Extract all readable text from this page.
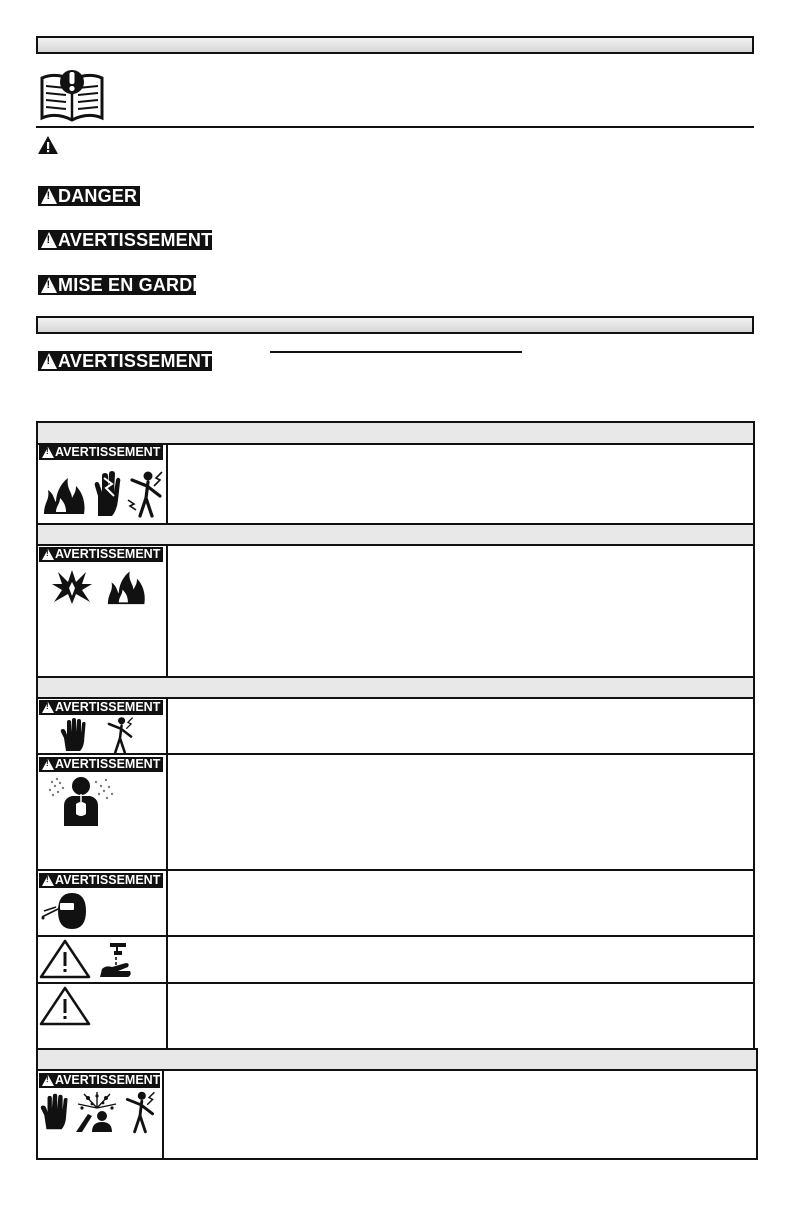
!
DANGER
!
AVERTISSEMENT
!
MISE EN GARDE
!
AVERTISSEMENT
!
AVERTISSEMENT
!
AVERTISSEMENT
!
AVERTISSEMENT
!
AVERTISSEMENT
!
AVERTISSEMENT
!
AVERTISSEMENT
